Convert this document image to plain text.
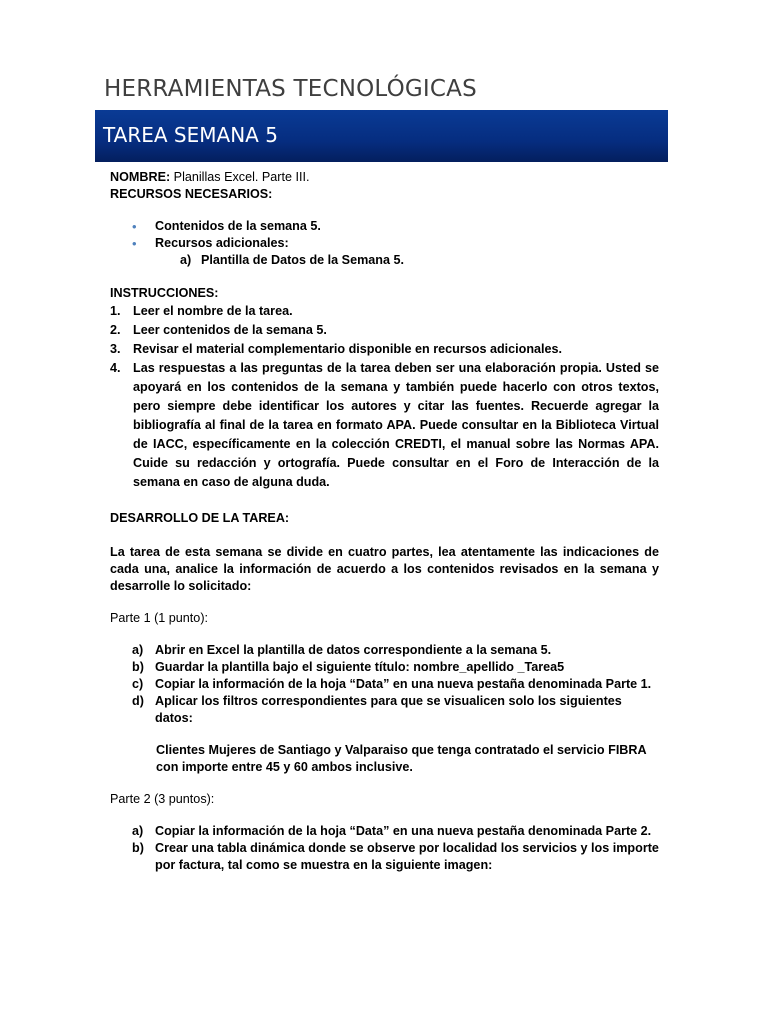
HERRAMIENTAS TECNOLÓGICAS
TAREA SEMANA 5
NOMBRE: Planillas Excel. Parte III.
RECURSOS NECESARIOS:
• Contenidos de la semana 5.
• Recursos adicionales:
a) Plantilla de Datos de la Semana 5.
INSTRUCCIONES:
1. Leer el nombre de la tarea.
2. Leer contenidos de la semana 5.
3. Revisar el material complementario disponible en recursos adicionales.
4. Las respuestas a las preguntas de la tarea deben ser una elaboración propia. Usted se apoyará en los contenidos de la semana y también puede hacerlo con otros textos, pero siempre debe identificar los autores y citar las fuentes. Recuerde agregar la bibliografía al final de la tarea en formato APA. Puede consultar en la Biblioteca Virtual de IACC, específicamente en la colección CREDTI, el manual sobre las Normas APA. Cuide su redacción y ortografía. Puede consultar en el Foro de Interacción de la semana en caso de alguna duda.
DESARROLLO DE LA TAREA:
La tarea de esta semana se divide en cuatro partes, lea atentamente las indicaciones de cada una, analice la información de acuerdo a los contenidos revisados en la semana y desarrolle lo solicitado:
Parte 1 (1 punto):
a) Abrir en Excel la plantilla de datos correspondiente a la semana 5.
b) Guardar la plantilla bajo el siguiente título: nombre_apellido _Tarea5
c) Copiar la información de la hoja “Data” en una nueva pestaña denominada Parte 1.
d) Aplicar los filtros correspondientes para que se visualicen solo los siguientes datos:
Clientes Mujeres de Santiago y Valparaiso que tenga contratado el servicio FIBRA con importe entre 45 y 60 ambos inclusive.
Parte 2 (3 puntos):
a) Copiar la información de la hoja “Data” en una nueva pestaña denominada Parte 2.
b) Crear una tabla dinámica donde se observe por localidad los servicios y los importe por factura, tal como se muestra en la siguiente imagen:
